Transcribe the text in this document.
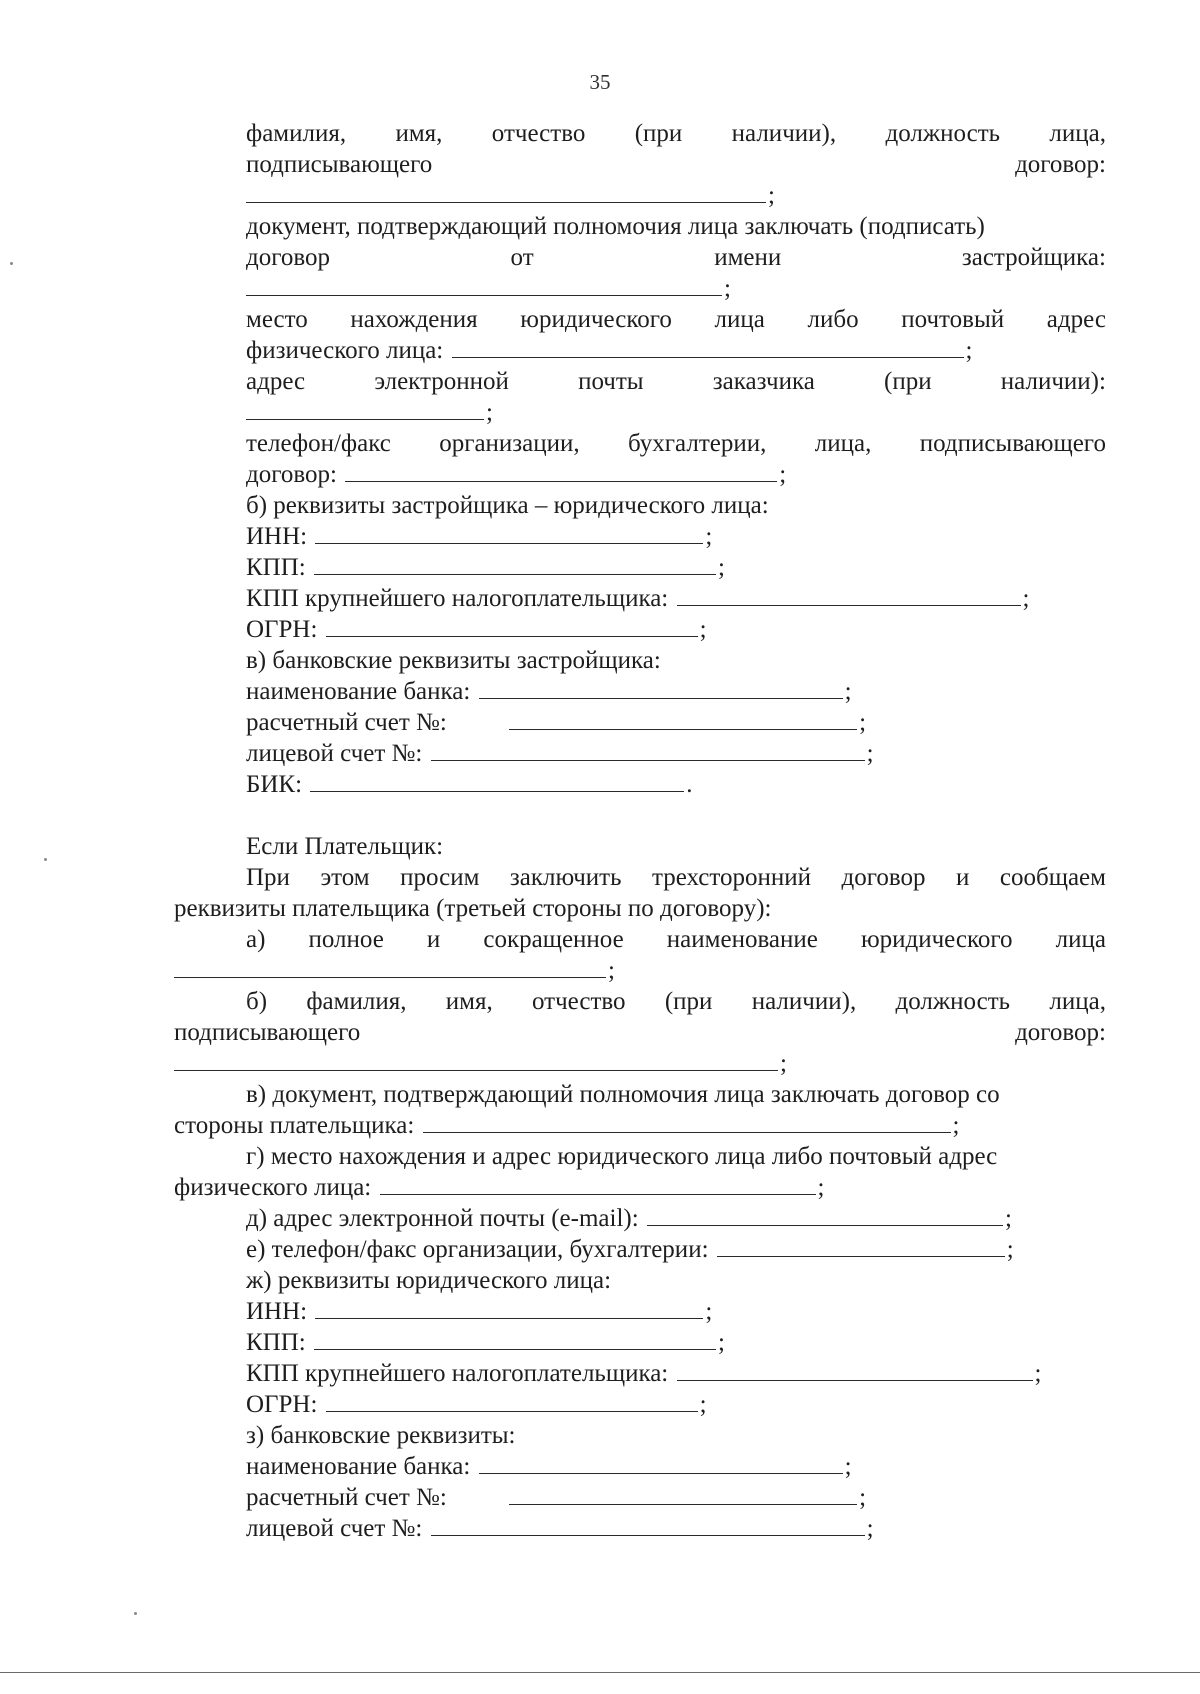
35
фамилия, имя, отчество (при наличии), должность лица,
подписывающего	договор:
;
документ, подтверждающий полномочия лица заключать (подписать)
договор	от	имени	застройщика:
;
место нахождения юридического лица либо почтовый адрес
физического лица:	;
адрес	электронной	почты	заказчика	(при	наличии):
;
телефон/факс организации, бухгалтерии, лица, подписывающего
договор:	;
б) реквизиты застройщика – юридического лица:
ИНН:	;
КПП:	;
КПП крупнейшего налогоплательщика:	;
ОГРН:	;
в) банковские реквизиты застройщика:
наименование банка:	;
расчетный счет №:	;
лицевой счет №:	;
БИК:	.
Если Плательщик:
При этом просим заключить трехсторонний договор и сообщаем
реквизиты плательщика (третьей стороны по договору):
а) полное и сокращенное наименование юридического лица
;
б) фамилия, имя, отчество (при наличии), должность лица,
подписывающего	договор:
;
в) документ, подтверждающий полномочия лица заключать договор со
стороны плательщика:	;
г) место нахождения и адрес юридического лица либо почтовый адрес
физического лица:	;
д) адрес электронной почты (e-mail):	;
е) телефон/факс организации, бухгалтерии:	;
ж) реквизиты юридического лица:
ИНН:	;
КПП:	;
КПП крупнейшего налогоплательщика:	;
ОГРН:	;
з) банковские реквизиты:
наименование банка:	;
расчетный счет №:	;
лицевой счет №:	;
